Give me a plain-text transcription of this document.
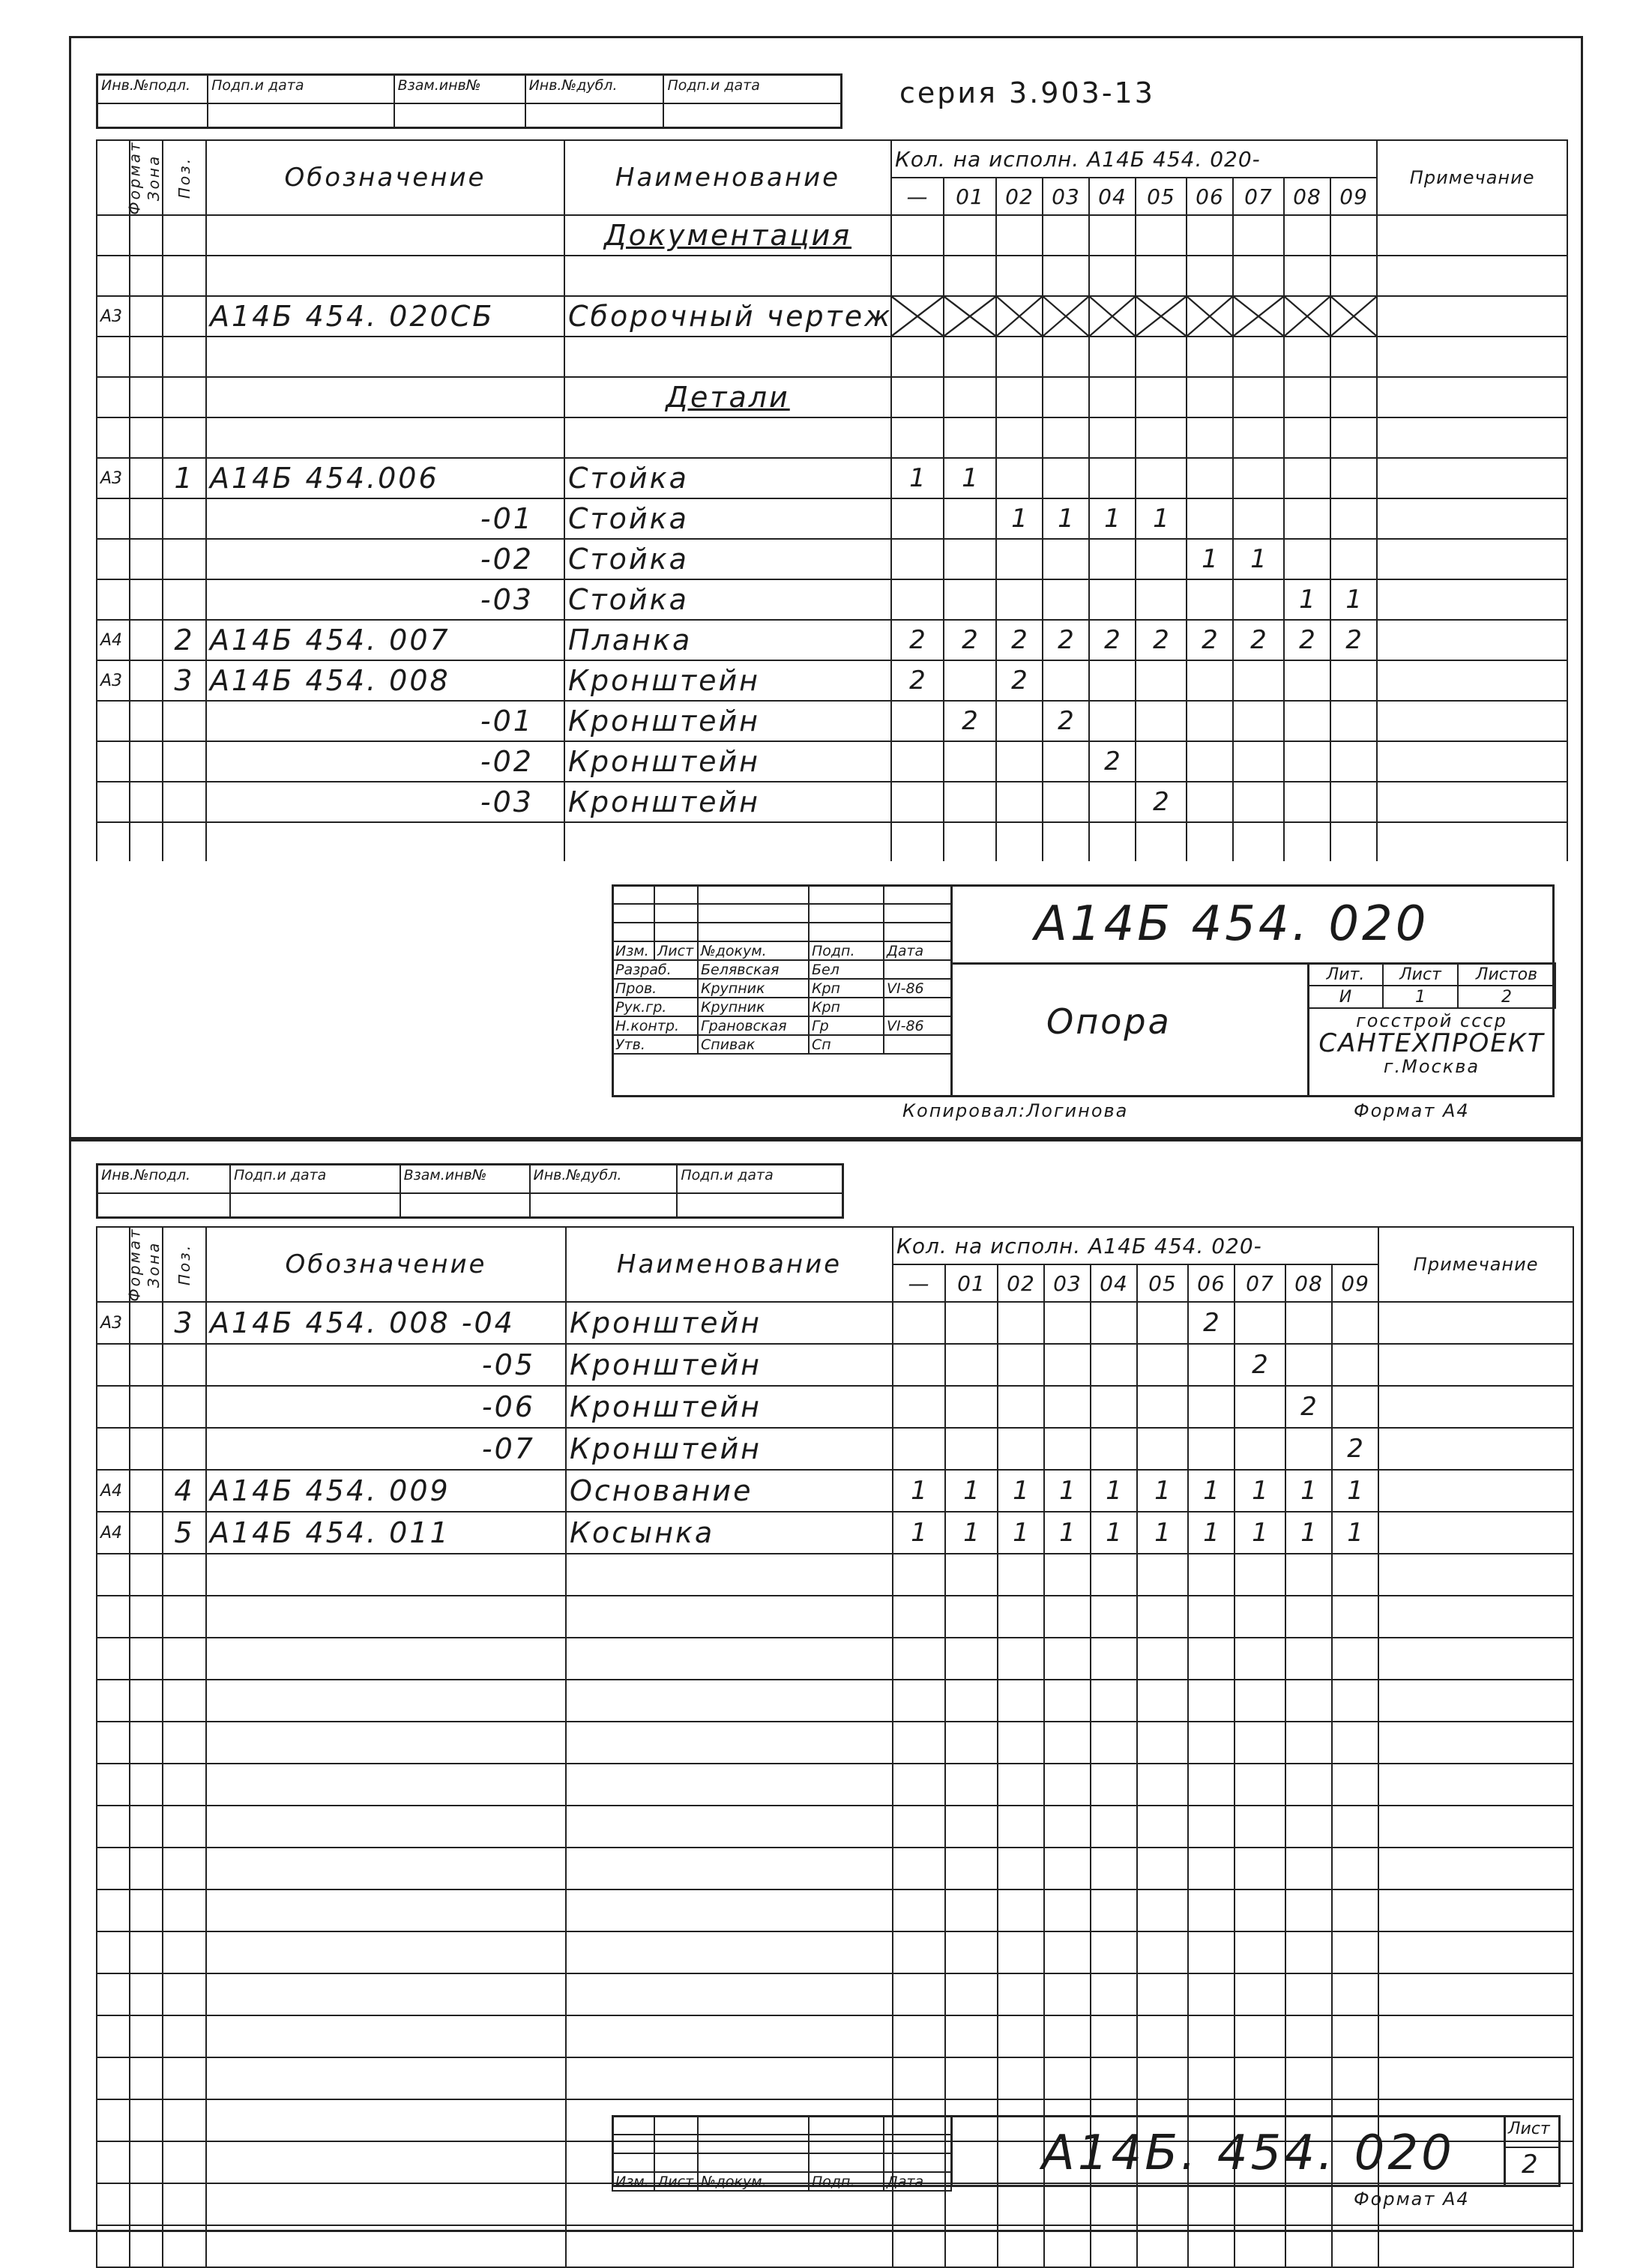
Инв.№подл.	Подп.и дата	Взам.инв№	Инв.№дубл.	Подп.и дата	серия 3.903-13
Формат	Зона	Поз.	Обозначение	Наименование	Кол. на исполн. А14Б 454. 020-										Примечание
					—	01	02	03	04	05	06	07	08	09	
				Документация											

А3			А14Б 454. 020СБ	Сборочный чертеж	

				Детали											

А3		1	А14Б 454.006	Стойка	1	1									
			-01	Стойка			1	1	1	1					
			-02	Стойка							1	1			
			-03	Стойка									1	1	
А4		2	А14Б 454. 007	Планка	2	2	2	2	2	2	2	2	2	2	
А3		3	А14Б 454. 008	Кронштейн	2		2								
			-01	Кронштейн		2		2							
			-02	Кронштейн					2						
			-03	Кронштейн						2					

Изм.	Лист	№докум.	Подп.	Дата
Разраб.		Белявская	Бел	
Пров.		Крупник	Крп	VI-86
Рук.гр.		Крупник	Крп	
Н.контр.		Грановская	Гр	VI-86
Утв.		Спивак	Сп	
А14Б 454. 020
Опора
Лит.	Лист	Листов
И	1	2
госстрой ссср
САНТЕХПРОЕКТ
г.Москва
Копировал:Логинова	Формат А4
Инв.№подл.	Подп.и дата	Взам.инв№	Инв.№дубл.	Подп.и дата
Формат	Зона	Поз.	Обозначение	Наименование	Кол. на исполн. А14Б 454. 020-										Примечание
					—	01	02	03	04	05	06	07	08	09	
А3		3	А14Б 454. 008 -04	Кронштейн							2				
			-05	Кронштейн								2			
			-06	Кронштейн									2		
			-07	Кронштейн										2	
А4		4	А14Б 454. 009	Основание	1	1	1	1	1	1	1	1	1	1	
А4		5	А14Б 454. 011	Косынка	1	1	1	1	1	1	1	1	1	1	

Изм.	Лист	№докум.	Подп.	Дата
А14Б. 454. 020	Лист
2
Формат А4
